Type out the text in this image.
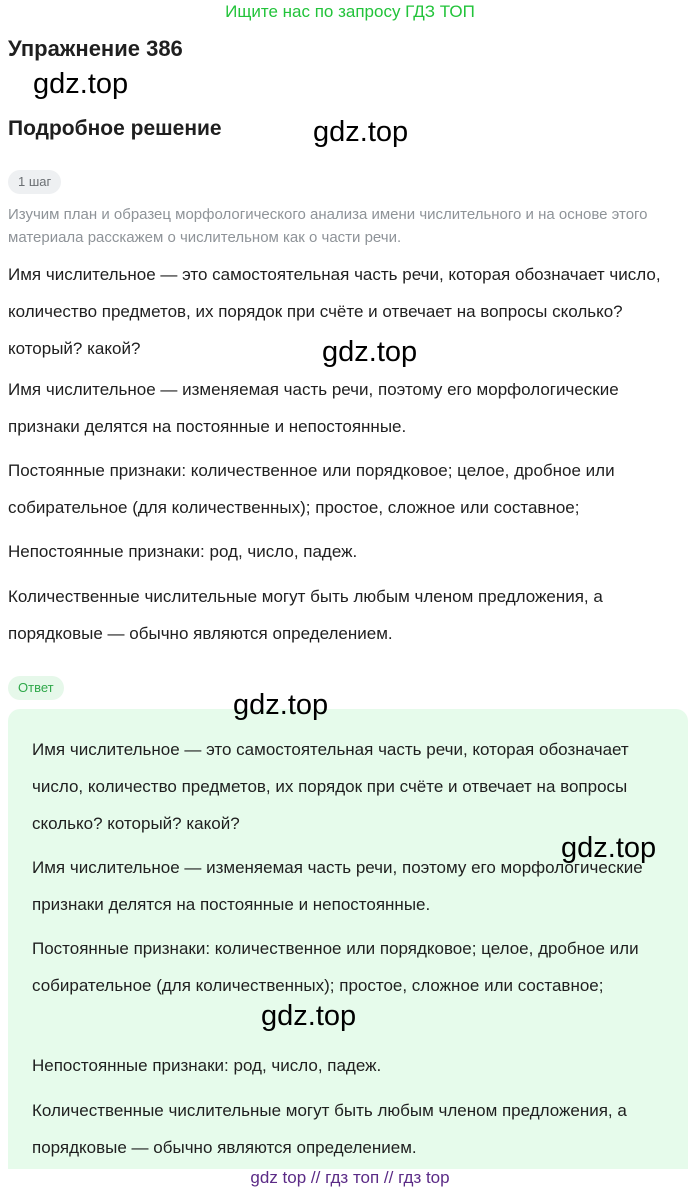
Ищите нас по запросу ГДЗ ТОП
Упражнение 386
gdz.top
Подробное решение	gdz.top
1 шаг
Изучим план и образец морфологического анализа имени числительного и на основе этого материала расскажем о числительном как о части речи.

Имя числительное — это самостоятельная часть речи, которая обозначает число, количество предметов, их порядок при счёте и отвечает на вопросы сколько? который? какой?	gdz.top

Имя числительное — изменяемая часть речи, поэтому его морфологические признаки делятся на постоянные и непостоянные.

Постоянные признаки: количественное или порядковое; целое, дробное или собирательное (для количественных); простое, сложное или составное;

Непостоянные признаки: род, число, падеж.

Количественные числительные могут быть любым членом предложения, а порядковые — обычно являются определением.

Ответ
gdz.top

Имя числительное — это самостоятельная часть речи, которая обозначает число, количество предметов, их порядок при счёте и отвечает на вопросы сколько? который? какой?

gdz.top

Имя числительное — изменяемая часть речи, поэтому его морфологические признаки делятся на постоянные и непостоянные.

Постоянные признаки: количественное или порядковое; целое, дробное или собирательное (для количественных); простое, сложное или составное;

gdz.top

Непостоянные признаки: род, число, падеж.

Количественные числительные могут быть любым членом предложения, а порядковые — обычно являются определением.

gdz top // гдз топ // гдз top
